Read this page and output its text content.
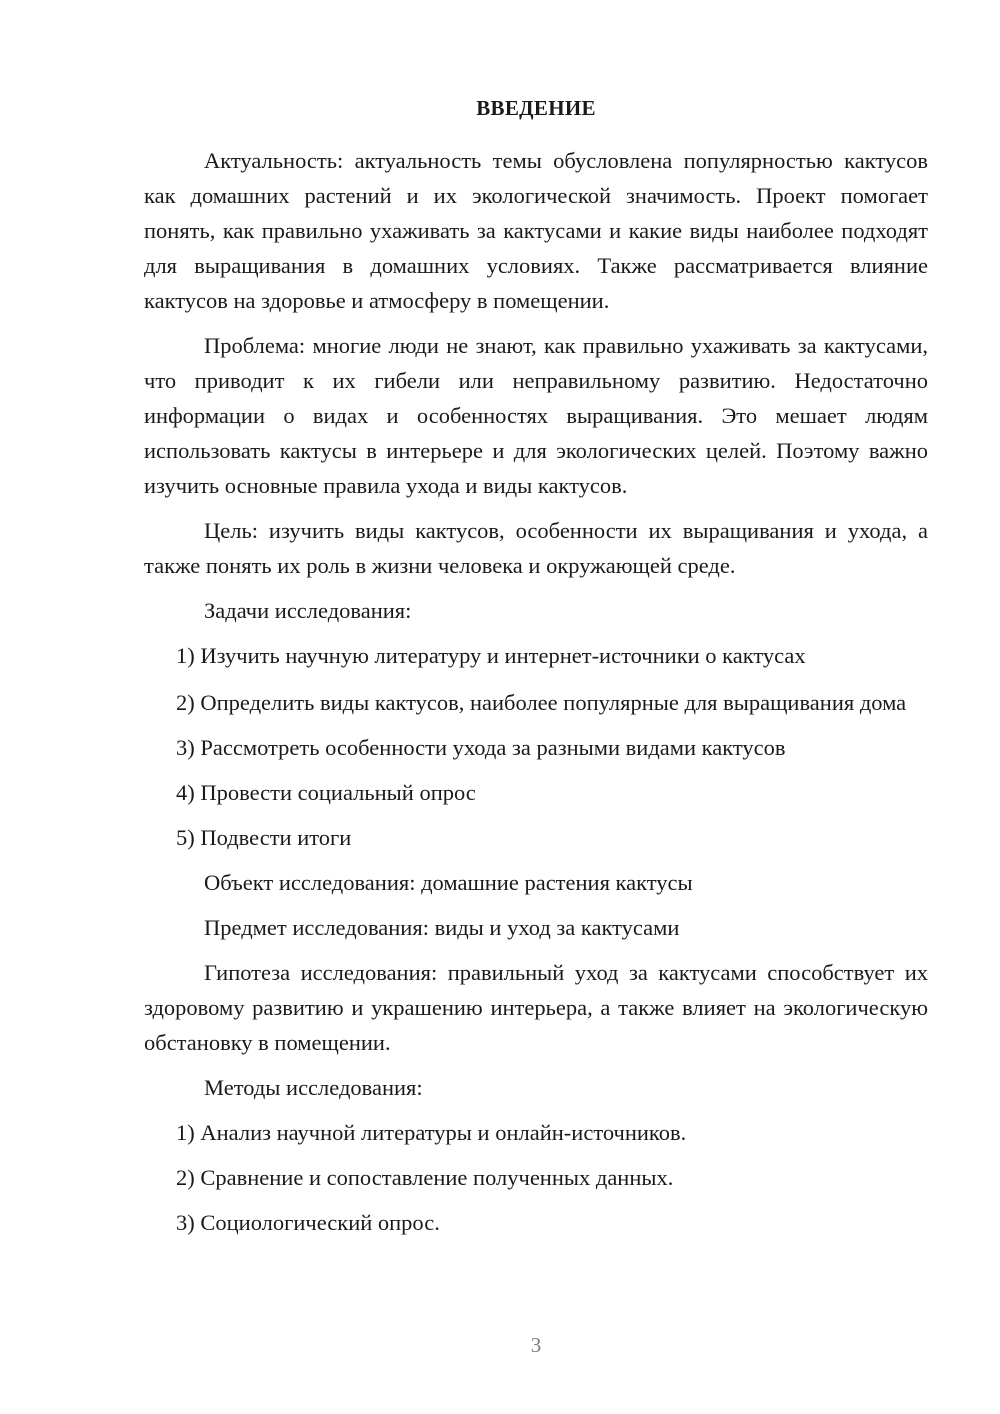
ВВЕДЕНИЕ

Актуальность: актуальность темы обусловлена популярностью кактусов как домашних растений и их экологической значимость. Проект помогает понять, как правильно ухаживать за кактусами и какие виды наиболее подходят для выращивания в домашних условиях. Также рассматривается влияние кактусов на здоровье и атмосферу в помещении.

Проблема: многие люди не знают, как правильно ухаживать за кактусами, что приводит к их гибели или неправильному развитию. Недостаточно информации о видах и особенностях выращивания. Это мешает людям использовать кактусы в интерьере и для экологических целей. Поэтому важно изучить основные правила ухода и виды кактусов.

Цель: изучить виды кактусов, особенности их выращивания и ухода, а также понять их роль в жизни человека и окружающей среде.

Задачи исследования:

1) Изучить научную литературу и интернет-источники о кактусах

2) Определить виды кактусов, наиболее популярные для выращивания дома

3) Рассмотреть особенности ухода за разными видами кактусов

4) Провести социальный опрос

5) Подвести итоги

Объект исследования: домашние растения кактусы

Предмет исследования: виды и уход за кактусами

Гипотеза исследования: правильный уход за кактусами способствует их здоровому развитию и украшению интерьера, а также влияет на экологическую обстановку в помещении.

Методы исследования:

1) Анализ научной литературы и онлайн-источников.

2) Сравнение и сопоставление полученных данных.

3) Социологический опрос.

3
